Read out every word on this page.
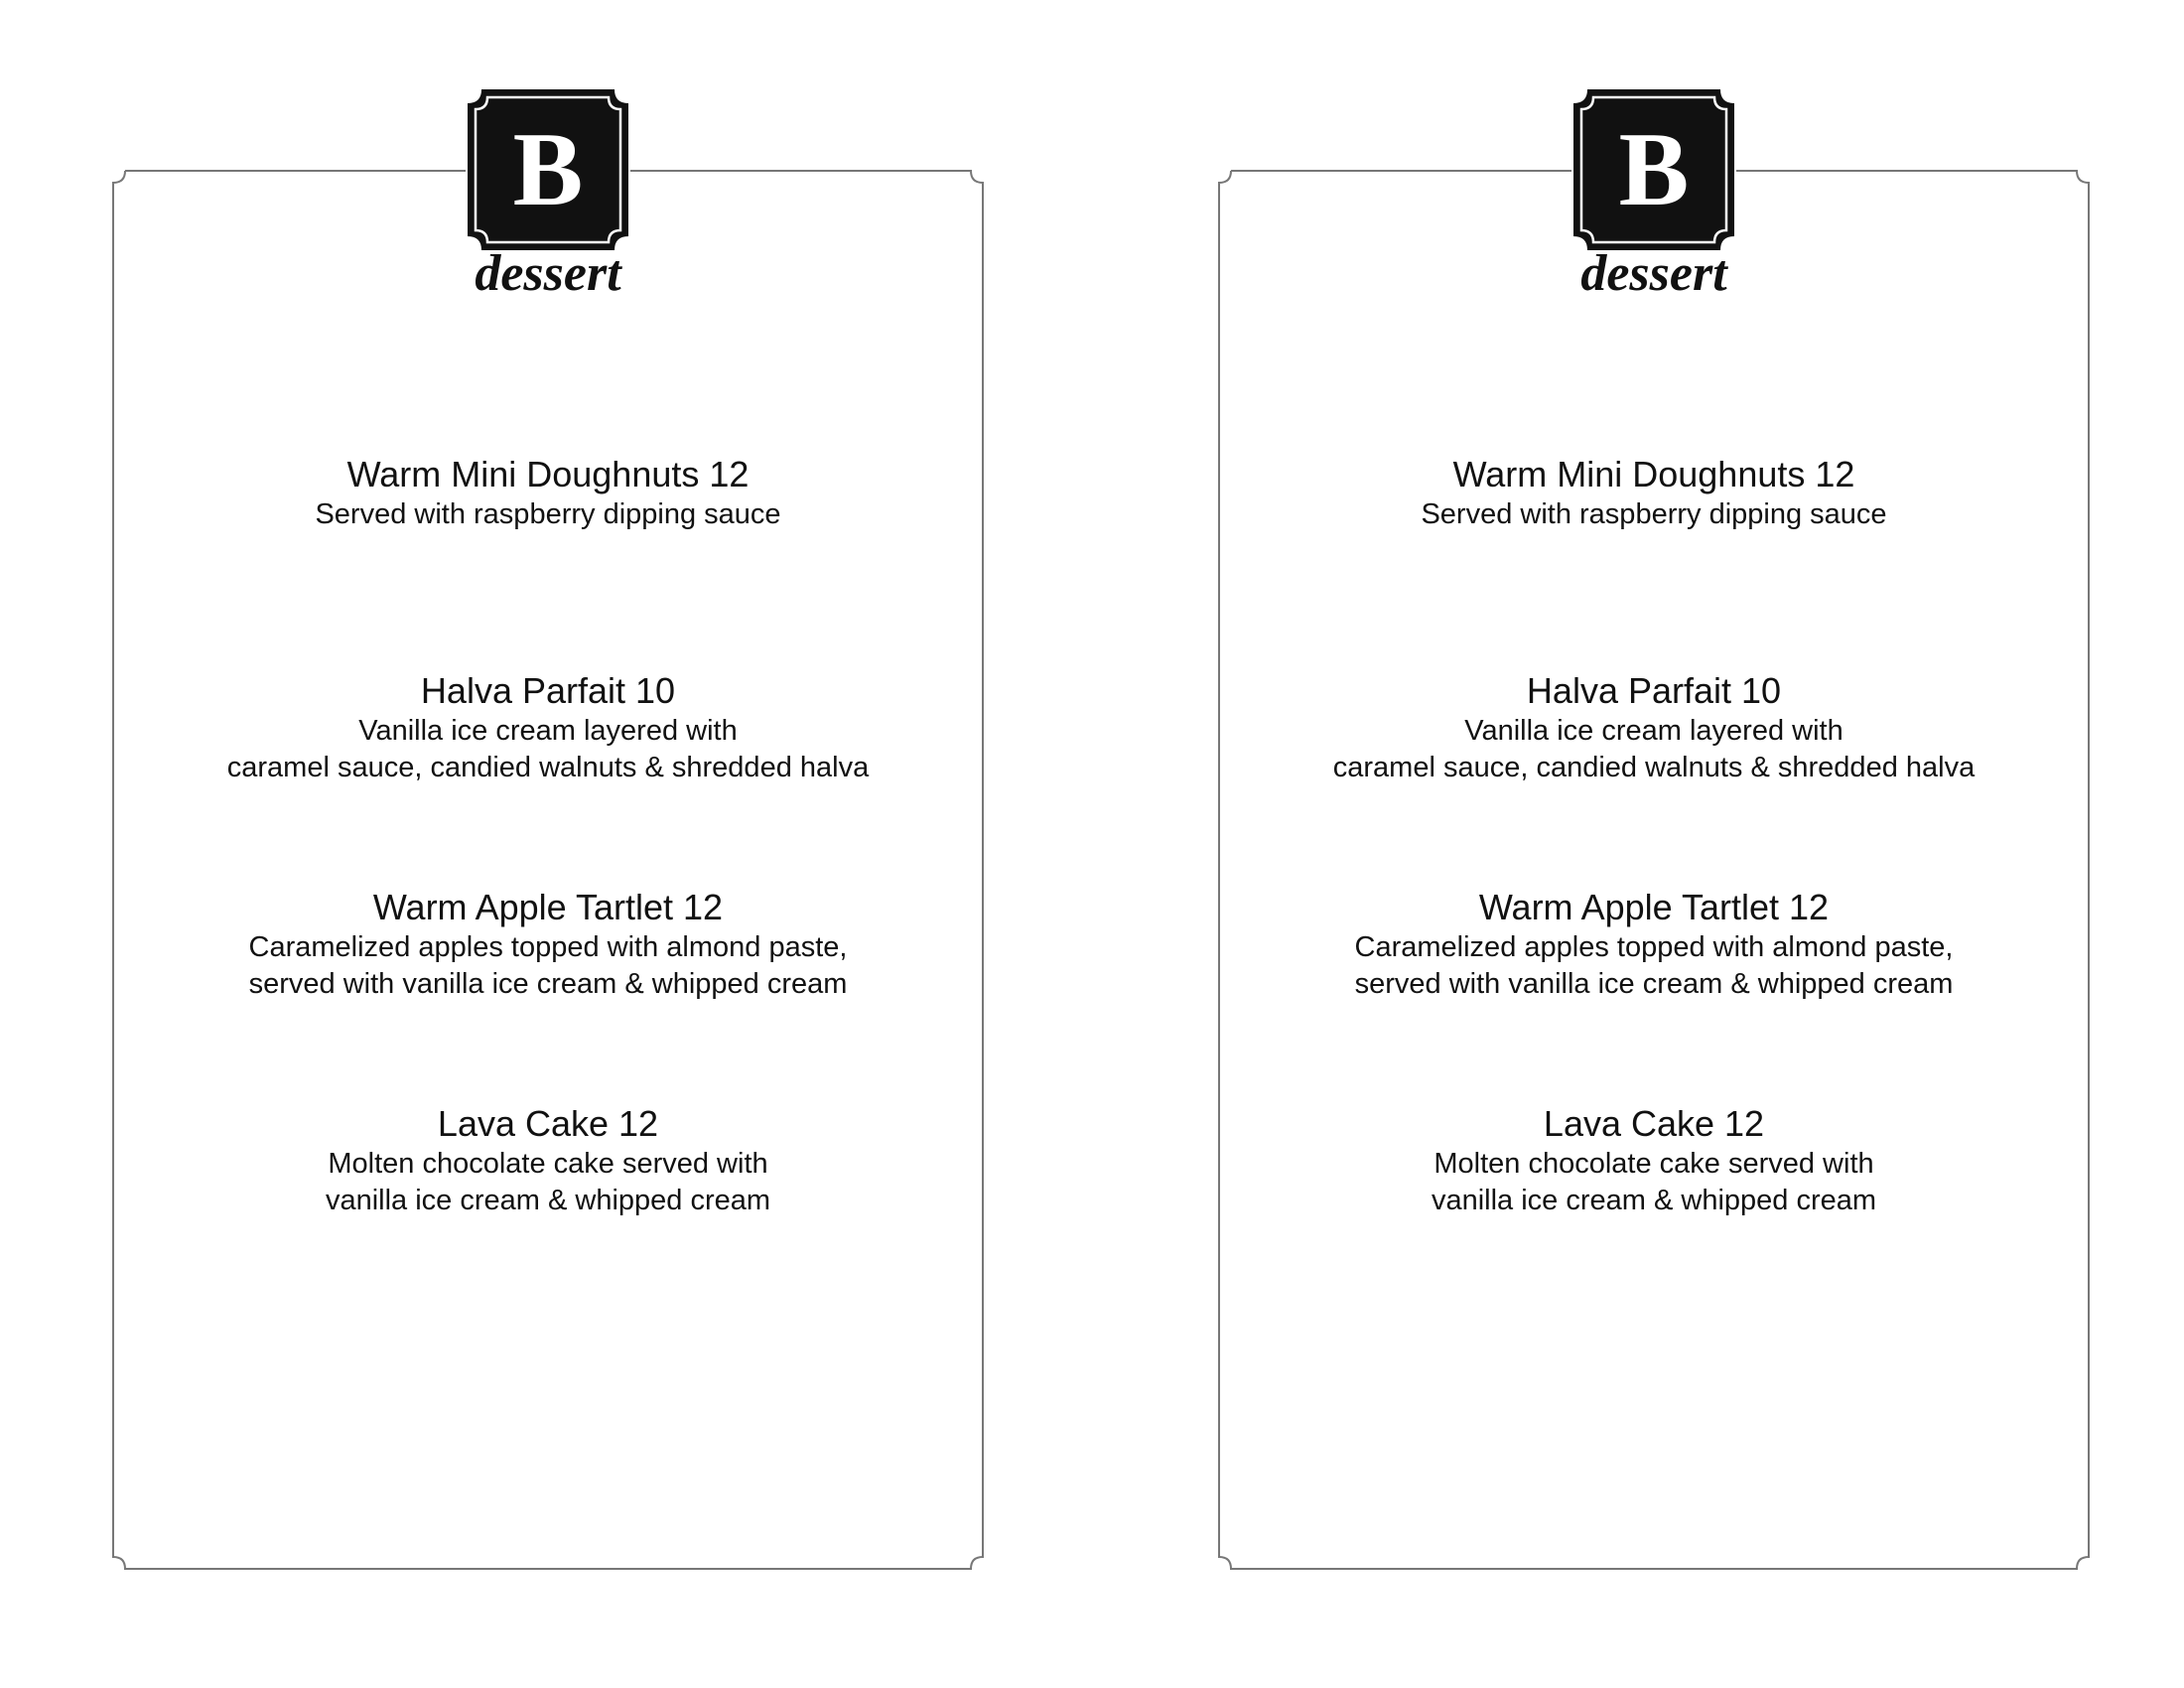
B
dessert
Warm Mini Doughnuts 12
Served with raspberry dipping sauce
Halva Parfait 10
Vanilla ice cream layered with
caramel sauce, candied walnuts & shredded halva
Warm Apple Tartlet 12
Caramelized apples topped with almond paste,
served with vanilla ice cream & whipped cream
Lava Cake 12
Molten chocolate cake served with
vanilla ice cream & whipped cream
B
dessert
Warm Mini Doughnuts 12
Served with raspberry dipping sauce
Halva Parfait 10
Vanilla ice cream layered with
caramel sauce, candied walnuts & shredded halva
Warm Apple Tartlet 12
Caramelized apples topped with almond paste,
served with vanilla ice cream & whipped cream
Lava Cake 12
Molten chocolate cake served with
vanilla ice cream & whipped cream
